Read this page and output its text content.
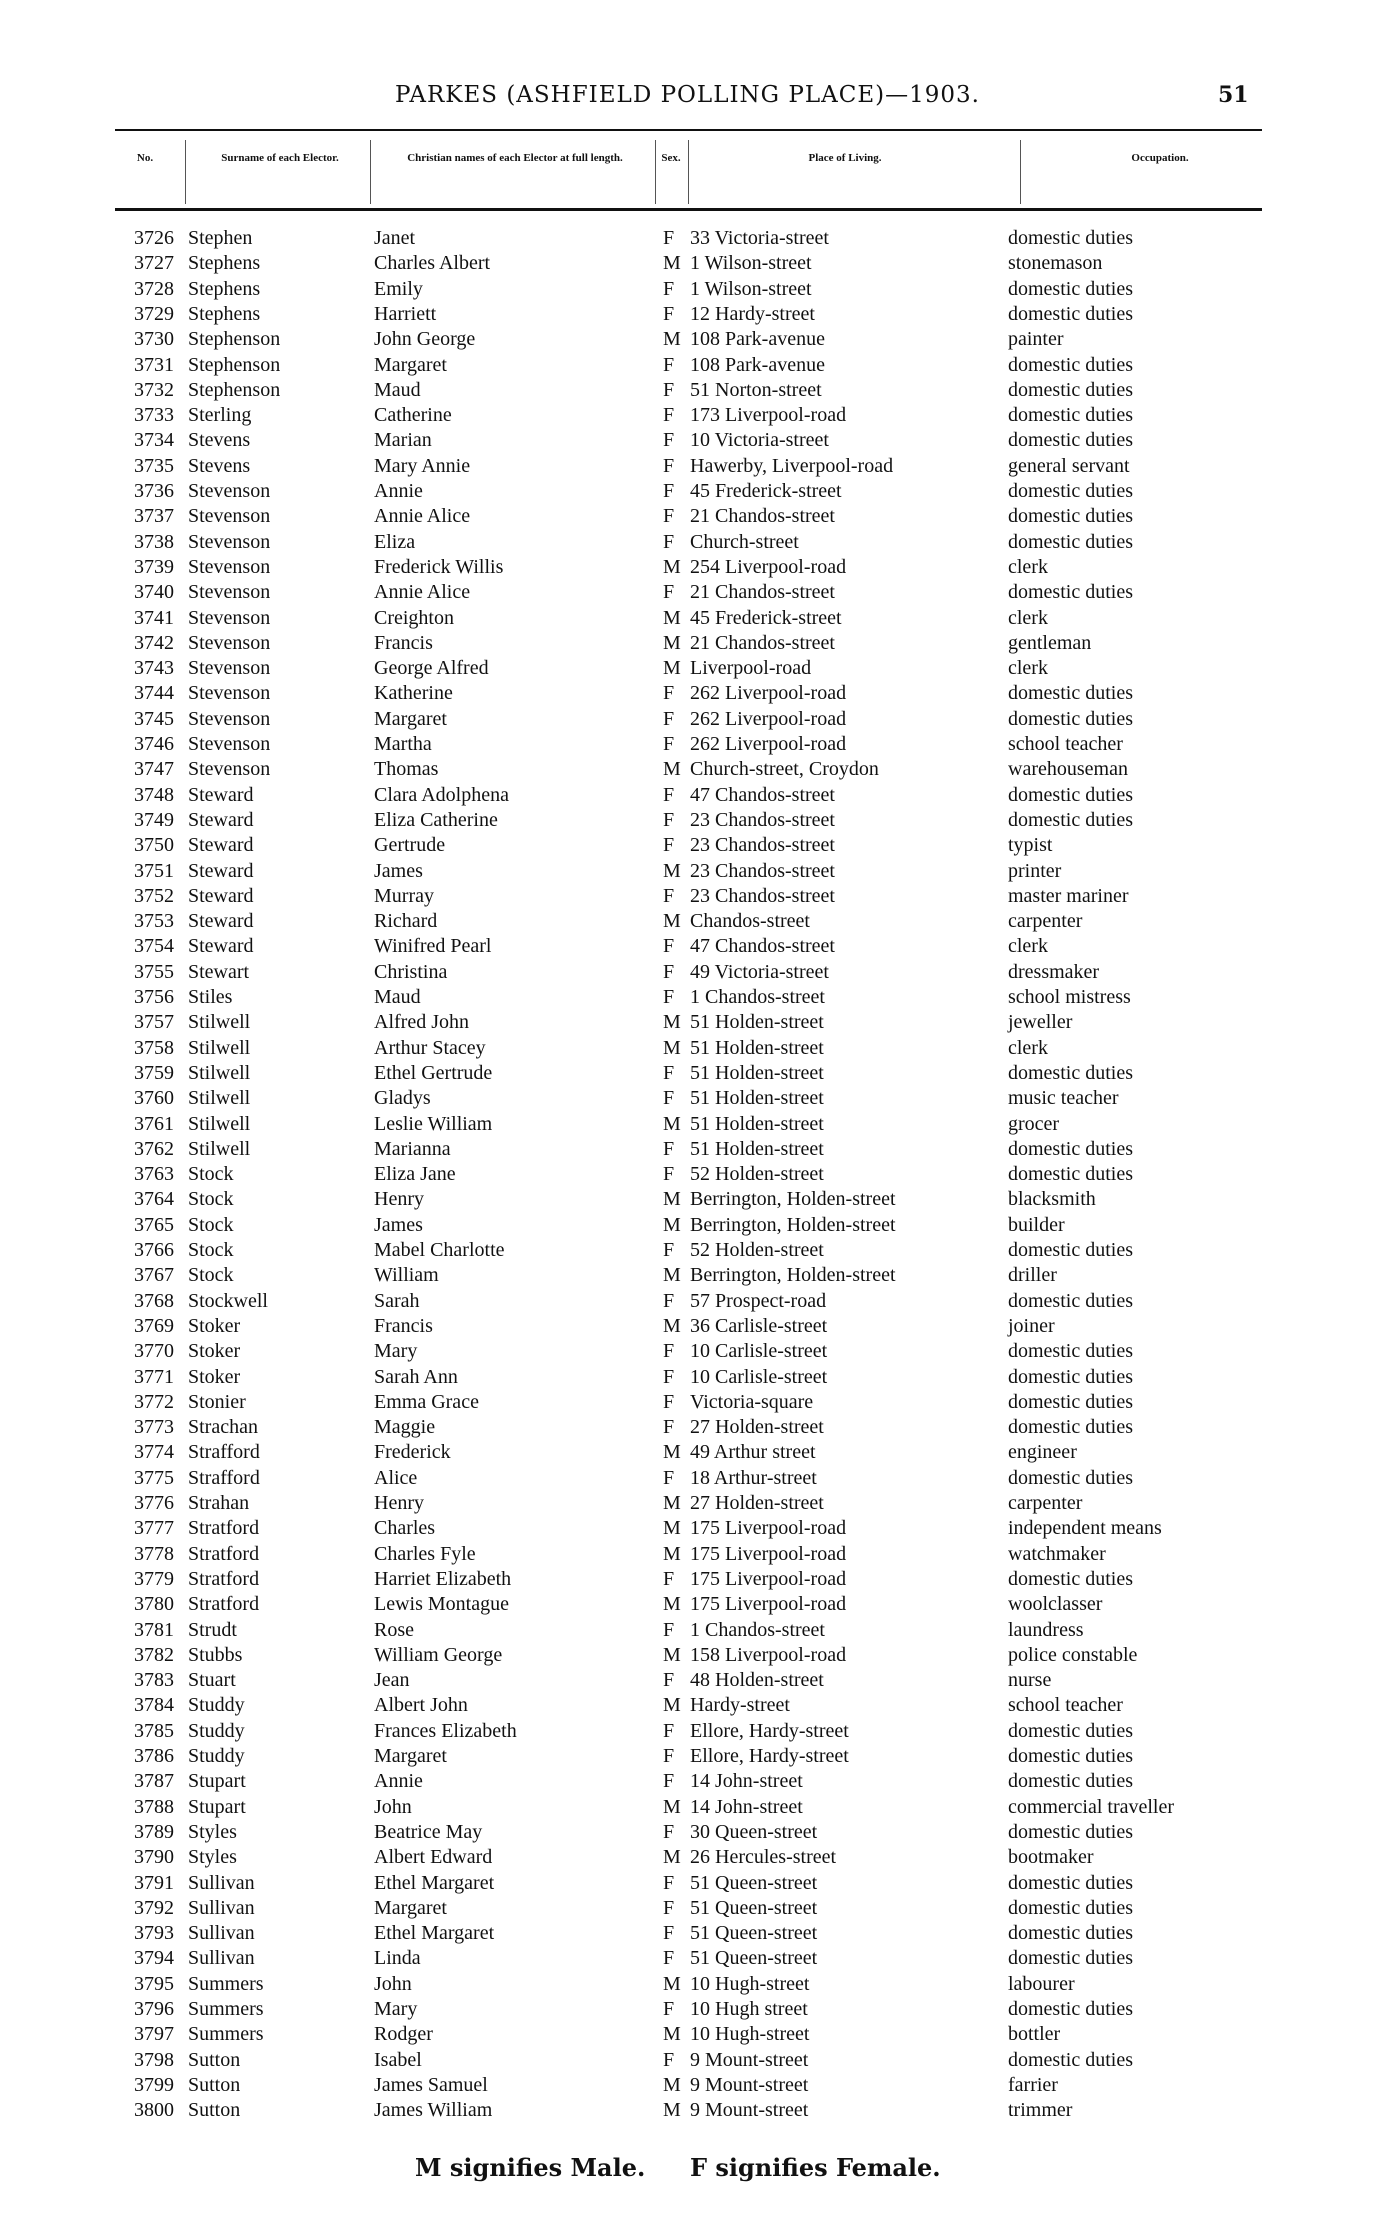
PARKES (ASHFIELD POLLING PLACE)—1903.	51
No.	Surname of each Elector.	Christian names of each Elector at full length.	Sex.	Place of Living.	Occupation.
3726 Stephen	Janet	F 33 Victoria-street	domestic duties
3727 Stephens	Charles Albert	M 1 Wilson-street	stonemason
3728 Stephens	Emily	F 1 Wilson-street	domestic duties
3729 Stephens	Harriett	F 12 Hardy-street	domestic duties
3730 Stephenson	John George	M 108 Park-avenue	painter
3731 Stephenson	Margaret	F 108 Park-avenue	domestic duties
3732 Stephenson	Maud	F 51 Norton-street	domestic duties
3733 Sterling	Catherine	F 173 Liverpool-road	domestic duties
3734 Stevens	Marian	F 10 Victoria-street	domestic duties
3735 Stevens	Mary Annie	F Hawerby, Liverpool-road	general servant
3736 Stevenson	Annie	F 45 Frederick-street	domestic duties
3737 Stevenson	Annie Alice	F 21 Chandos-street	domestic duties
3738 Stevenson	Eliza	F Church-street	domestic duties
3739 Stevenson	Frederick Willis	M 254 Liverpool-road	clerk
3740 Stevenson	Annie Alice	F 21 Chandos-street	domestic duties
3741 Stevenson	Creighton	M 45 Frederick-street	clerk
3742 Stevenson	Francis	M 21 Chandos-street	gentleman
3743 Stevenson	George Alfred	M Liverpool-road	clerk
3744 Stevenson	Katherine	F 262 Liverpool-road	domestic duties
3745 Stevenson	Margaret	F 262 Liverpool-road	domestic duties
3746 Stevenson	Martha	F 262 Liverpool-road	school teacher
3747 Stevenson	Thomas	M Church-street, Croydon	warehouseman
3748 Steward	Clara Adolphena	F 47 Chandos-street	domestic duties
3749 Steward	Eliza Catherine	F 23 Chandos-street	domestic duties
3750 Steward	Gertrude	F 23 Chandos-street	typist
3751 Steward	James	M 23 Chandos-street	printer
3752 Steward	Murray	F 23 Chandos-street	master mariner
3753 Steward	Richard	M Chandos-street	carpenter
3754 Steward	Winifred Pearl	F 47 Chandos-street	clerk
3755 Stewart	Christina	F 49 Victoria-street	dressmaker
3756 Stiles	Maud	F 1 Chandos-street	school mistress
3757 Stilwell	Alfred John	M 51 Holden-street	jeweller
3758 Stilwell	Arthur Stacey	M 51 Holden-street	clerk
3759 Stilwell	Ethel Gertrude	F 51 Holden-street	domestic duties
3760 Stilwell	Gladys	F 51 Holden-street	music teacher
3761 Stilwell	Leslie William	M 51 Holden-street	grocer
3762 Stilwell	Marianna	F 51 Holden-street	domestic duties
3763 Stock	Eliza Jane	F 52 Holden-street	domestic duties
3764 Stock	Henry	M Berrington, Holden-street	blacksmith
3765 Stock	James	M Berrington, Holden-street	builder
3766 Stock	Mabel Charlotte	F 52 Holden-street	domestic duties
3767 Stock	William	M Berrington, Holden-street	driller
3768 Stockwell	Sarah	F 57 Prospect-road	domestic duties
3769 Stoker	Francis	M 36 Carlisle-street	joiner
3770 Stoker	Mary	F 10 Carlisle-street	domestic duties
3771 Stoker	Sarah Ann	F 10 Carlisle-street	domestic duties
3772 Stonier	Emma Grace	F Victoria-square	domestic duties
3773 Strachan	Maggie	F 27 Holden-street	domestic duties
3774 Strafford	Frederick	M 49 Arthur street	engineer
3775 Strafford	Alice	F 18 Arthur-street	domestic duties
3776 Strahan	Henry	M 27 Holden-street	carpenter
3777 Stratford	Charles	M 175 Liverpool-road	independent means
3778 Stratford	Charles Fyle	M 175 Liverpool-road	watchmaker
3779 Stratford	Harriet Elizabeth	F 175 Liverpool-road	domestic duties
3780 Stratford	Lewis Montague	M 175 Liverpool-road	woolclasser
3781 Strudt	Rose	F 1 Chandos-street	laundress
3782 Stubbs	William George	M 158 Liverpool-road	police constable
3783 Stuart	Jean	F 48 Holden-street	nurse
3784 Studdy	Albert John	M Hardy-street	school teacher
3785 Studdy	Frances Elizabeth	F Ellore, Hardy-street	domestic duties
3786 Studdy	Margaret	F Ellore, Hardy-street	domestic duties
3787 Stupart	Annie	F 14 John-street	domestic duties
3788 Stupart	John	M 14 John-street	commercial traveller
3789 Styles	Beatrice May	F 30 Queen-street	domestic duties
3790 Styles	Albert Edward	M 26 Hercules-street	bootmaker
3791 Sullivan	Ethel Margaret	F 51 Queen-street	domestic duties
3792 Sullivan	Margaret	F 51 Queen-street	domestic duties
3793 Sullivan	Ethel Margaret	F 51 Queen-street	domestic duties
3794 Sullivan	Linda	F 51 Queen-street	domestic duties
3795 Summers	John	M 10 Hugh-street	labourer
3796 Summers	Mary	F 10 Hugh street	domestic duties
3797 Summers	Rodger	M 10 Hugh-street	bottler
3798 Sutton	Isabel	F 9 Mount-street	domestic duties
3799 Sutton	James Samuel	M 9 Mount-street	farrier
3800 Sutton	James William	M 9 Mount-street	trimmer
M signifies Male. F signifies Female.
